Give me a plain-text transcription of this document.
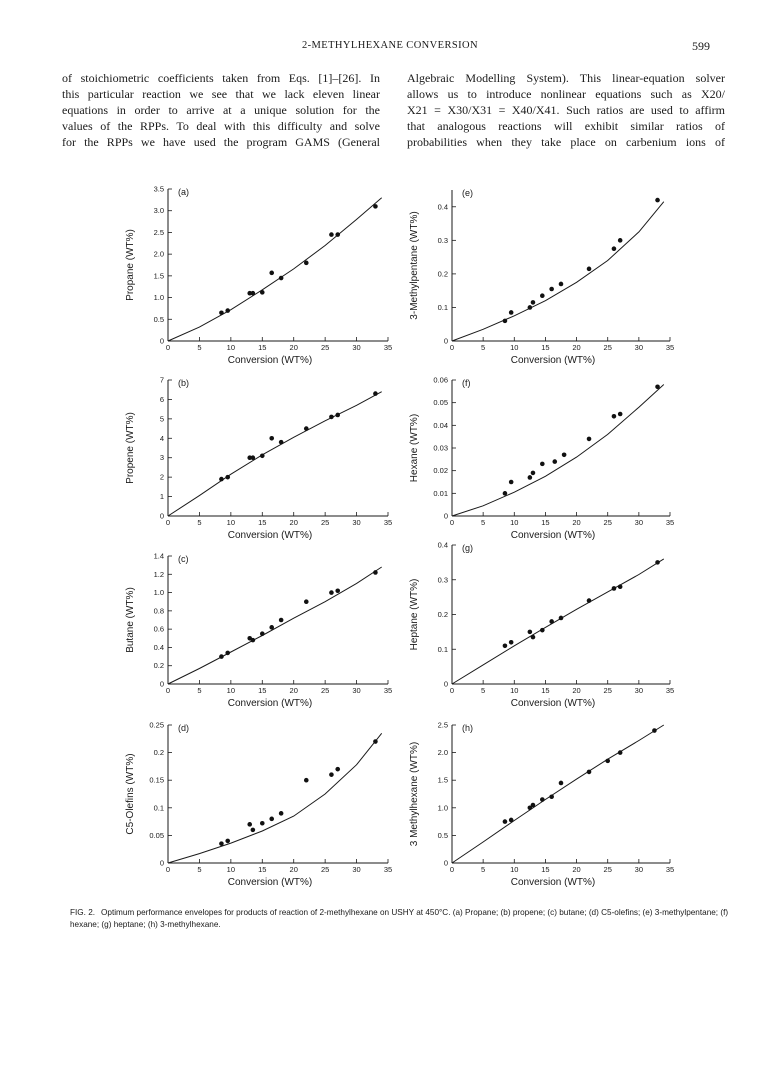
2-METHYLHEXANE CONVERSION	599
of stoichiometric coefficients taken from Eqs. [1]–[26]. In
this particular reaction we see that we lack eleven linear
equations in order to arrive at a unique solution for the
values of the RPPs. To deal with this difficulty and solve
for the RPPs we have used the program GAMS (General
Algebraic Modelling System). This linear-equation solver
allows us to introduce nonlinear equations such as X20/
X21 = X30/X31 = X40/X41. Such ratios are used to affirm
that analogous reactions will exhibit similar ratios of
probabilities when they take place on carbenium ions of
0	5	10	15	20	25	30	35
0
0.5
1.0
1.5
2.0
2.5
3.0
3.5 (a)
Conversion (WT%)
Propane (WT%)
0	5	10	15	20	25	30	35
0
1
2
3
4
5
6
7 (b)
Conversion (WT%)
Propene (WT%)
0	5	10	15	20	25	30	35
0
0.2
0.4
0.6
0.8
1.0
1.2
1.4 (c)
Conversion (WT%)
Butane (WT%)
0	5	10	15	20	25	30	35
0
0.05
0.1
0.15
0.2
0.25 (d)
Conversion (WT%)
C5-Olefins (WT%)
0	5	10	15	20	25	30	35
0
0.1
0.2
0.3
0.4
(e)
Conversion (WT%)
3-Methylpentane (WT%)
0	5	10	15	20	25	30	35
0
0.01
0.02
0.03
0.04
0.05
0.06 (f)
Conversion (WT%)
Hexane (WT%)
0	5	10	15	20	25	30	35
0
0.1
0.2
0.3
0.4 (g)
Conversion (WT%)
Heptane (WT%)
0	5	10	15	20	25	30	35
0
0.5
1.0
1.5
2.0
2.5 (h)
Conversion (WT%)
3 Methylhexane (WT%)
FIG. 2. Optimum performance envelopes for products of reaction of 2-methylhexane on USHY at 450°C. (a) Propane; (b) propene; (c) butane; (d) C5-olefins; (e) 3-methylpentane; (f) hexane; (g) heptane; (h) 3-methylhexane.
